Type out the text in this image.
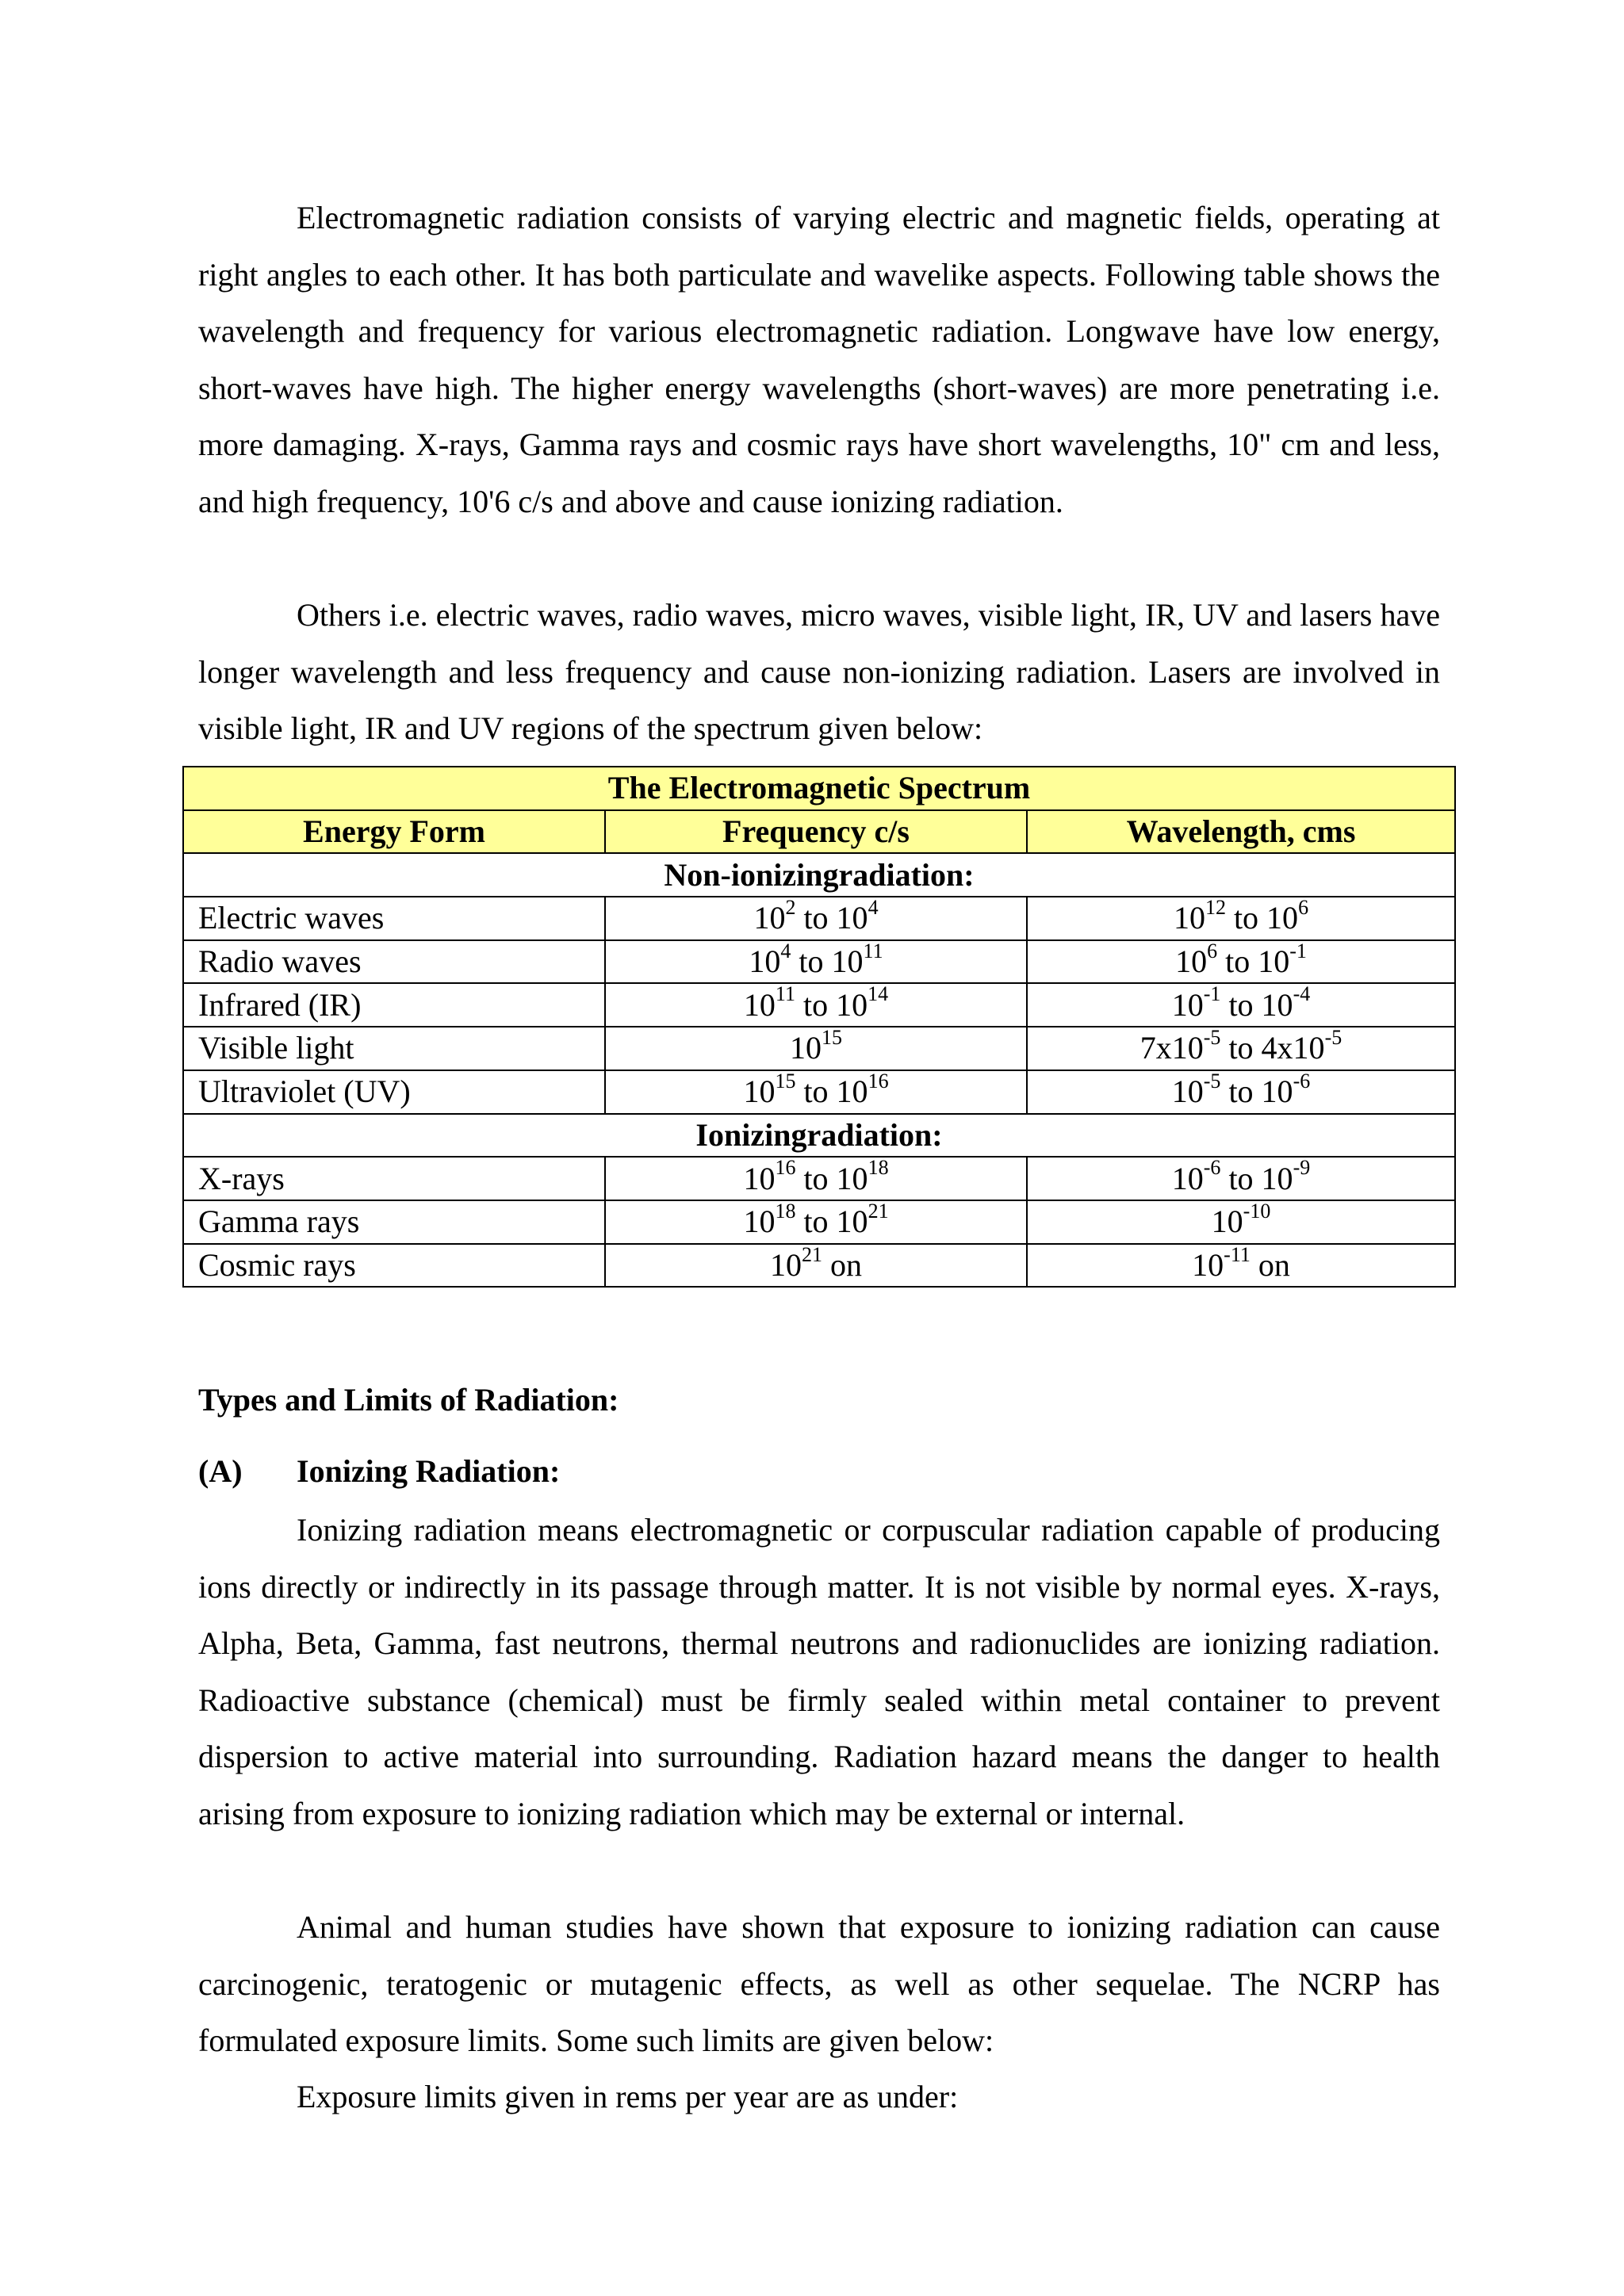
Electromagnetic radiation consists of varying electric and magnetic fields, operating at right angles to each other. It has both particulate and wavelike aspects. Following table shows the wavelength and frequency for various electromagnetic radiation. Longwave have low energy, short-waves have high. The higher energy wavelengths (short-waves) are more penetrating i.e. more damaging. X-rays, Gamma rays and cosmic rays have short wavelengths, 10" cm and less, and high frequency, 10'6 c/s and above and cause ionizing radiation.

Others i.e. electric waves, radio waves, micro waves, visible light, IR, UV and lasers have longer wavelength and less frequency and cause non-ionizing radiation. Lasers are involved in visible light, IR and UV regions of the spectrum given below:

The Electromagnetic Spectrum		
Energy Form	Frequency c/s	Wavelength, cms
Non-ionizingradiation:		
Electric waves	$10^2$ to $10^4$	$10^{12}$ to $10^6$
Radio waves	$10^4$ to $10^{11}$	$10^6$ to $10^{-1}$
Infrared (IR)	$10^{11}$ to $10^{14}$	$10^{-1}$ to $10^{-4}$
Visible light	$10^{15}$	$7x10^{-5}$ to $4x10^{-5}$
Ultraviolet (UV)	$10^{15}$ to $10^{16}$	$10^{-5}$ to $10^{-6}$
Ionizingradiation:		
X-rays	$10^{16}$ to $10^{18}$	$10^{-6}$ to $10^{-9}$
Gamma rays	$10^{18}$ to $10^{21}$	$10^{-10}$
Cosmic rays	$10^{21}$ on	$10^{-11}$ on

Types and Limits of Radiation:

(A) Ionizing Radiation:

Ionizing radiation means electromagnetic or corpuscular radiation capable of producing ions directly or indirectly in its passage through matter. It is not visible by normal eyes. X-rays, Alpha, Beta, Gamma, fast neutrons, thermal neutrons and radionuclides are ionizing radiation. Radioactive substance (chemical) must be firmly sealed within metal container to prevent dispersion to active material into surrounding. Radiation hazard means the danger to health arising from exposure to ionizing radiation which may be external or internal.

Animal and human studies have shown that exposure to ionizing radiation can cause carcinogenic, teratogenic or mutagenic effects, as well as other sequelae. The NCRP has formulated exposure limits. Some such limits are given below:

Exposure limits given in rems per year are as under:
